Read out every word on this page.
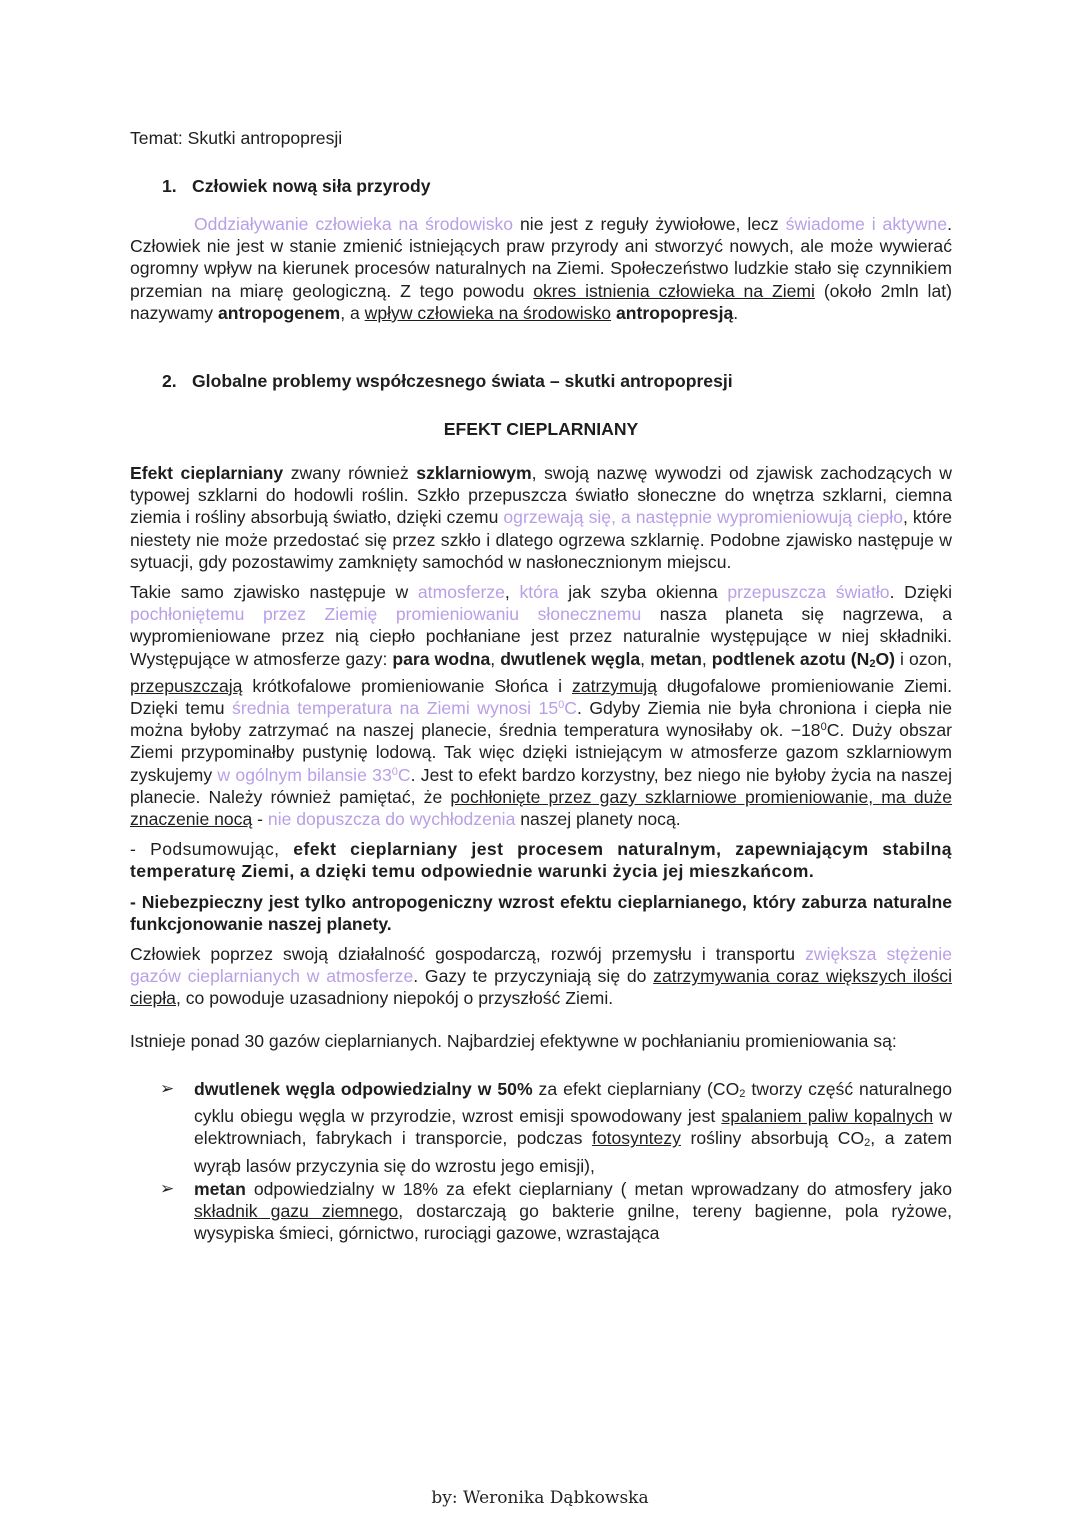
Temat: Skutki antropopresji
1. Człowiek nową siła przyrody

Oddziaływanie człowieka na środowisko nie jest z reguły żywiołowe, lecz świadome i aktywne. Człowiek nie jest w stanie zmienić istniejących praw przyrody ani stworzyć nowych, ale może wywierać ogromny wpływ na kierunek procesów naturalnych na Ziemi. Społeczeństwo ludzkie stało się czynnikiem przemian na miarę geologiczną. Z tego powodu okres istnienia człowieka na Ziemi (około 2mln lat) nazywamy antropogenem, a wpływ człowieka na środowisko antropopresją.

2. Globalne problemy współczesnego świata – skutki antropopresji
EFEKT CIEPLARNIANY

Efekt cieplarniany zwany również szklarniowym, swoją nazwę wywodzi od zjawisk zachodzących w typowej szklarni do hodowli roślin. Szkło przepuszcza światło słoneczne do wnętrza szklarni, ciemna ziemia i rośliny absorbują światło, dzięki czemu ogrzewają się, a następnie wypromieniowują ciepło, które niestety nie może przedostać się przez szkło i dlatego ogrzewa szklarnię. Podobne zjawisko następuje w sytuacji, gdy pozostawimy zamknięty samochód w nasłonecznionym miejscu.

Takie samo zjawisko następuje w atmosferze, która jak szyba okienna przepuszcza światło. Dzięki pochłoniętemu przez Ziemię promieniowaniu słonecznemu nasza planeta się nagrzewa, a wypromieniowane przez nią ciepło pochłaniane jest przez naturalnie występujące w niej składniki. Występujące w atmosferze gazy: para wodna, dwutlenek węgla, metan, podtlenek azotu $(N_2O)$ i ozon, przepuszczają krótkofalowe promieniowanie Słońca i zatrzymują długofalowe promieniowanie Ziemi. Dzięki temu średnia temperatura na Ziemi wynosi $15^0C$. Gdyby Ziemia nie była chroniona i ciepła nie można byłoby zatrzymać na naszej planecie, średnia temperatura wynosiłaby ok. $-18^0C$. Duży obszar Ziemi przypominałby pustynię lodową. Tak więc dzięki istniejącym w atmosferze gazom szklarniowym zyskujemy w ogólnym bilansie $33^0C$. Jest to efekt bardzo korzystny, bez niego nie byłoby życia na naszej planecie. Należy również pamiętać, że pochłonięte przez gazy szklarniowe promieniowanie, ma duże znaczenie nocą - nie dopuszcza do wychłodzenia naszej planety nocą.

- Podsumowując, efekt cieplarniany jest procesem naturalnym, zapewniającym stabilną temperaturę Ziemi, a dzięki temu odpowiednie warunki życia jej mieszkańcom.

- Niebezpieczny jest tylko antropogeniczny wzrost efektu cieplarnianego, który zaburza naturalne funkcjonowanie naszej planety.

Człowiek poprzez swoją działalność gospodarczą, rozwój przemysłu i transportu zwiększa stężenie gazów cieplarnianych w atmosferze. Gazy te przyczyniają się do zatrzymywania coraz większych ilości ciepła, co powoduje uzasadniony niepokój o przyszłość Ziemi.

Istnieje ponad 30 gazów cieplarnianych. Najbardziej efektywne w pochłanianiu promieniowania są:

➢ dwutlenek węgla odpowiedzialny w 50% za efekt cieplarniany ($CO_2$ tworzy część naturalnego cyklu obiegu węgla w przyrodzie, wzrost emisji spowodowany jest spalaniem paliw kopalnych w elektrowniach, fabrykach i transporcie, podczas fotosyntezy rośliny absorbują $CO_2$, a zatem wyrąb lasów przyczynia się do wzrostu jego emisji),
➢ metan odpowiedzialny w 18% za efekt cieplarniany ( metan wprowadzany do atmosfery jako składnik gazu ziemnego, dostarczają go bakterie gnilne, tereny bagienne, pola ryżowe, wysypiska śmieci, górnictwo, rurociągi gazowe, wzrastająca
by: Weronika Dąbkowska
